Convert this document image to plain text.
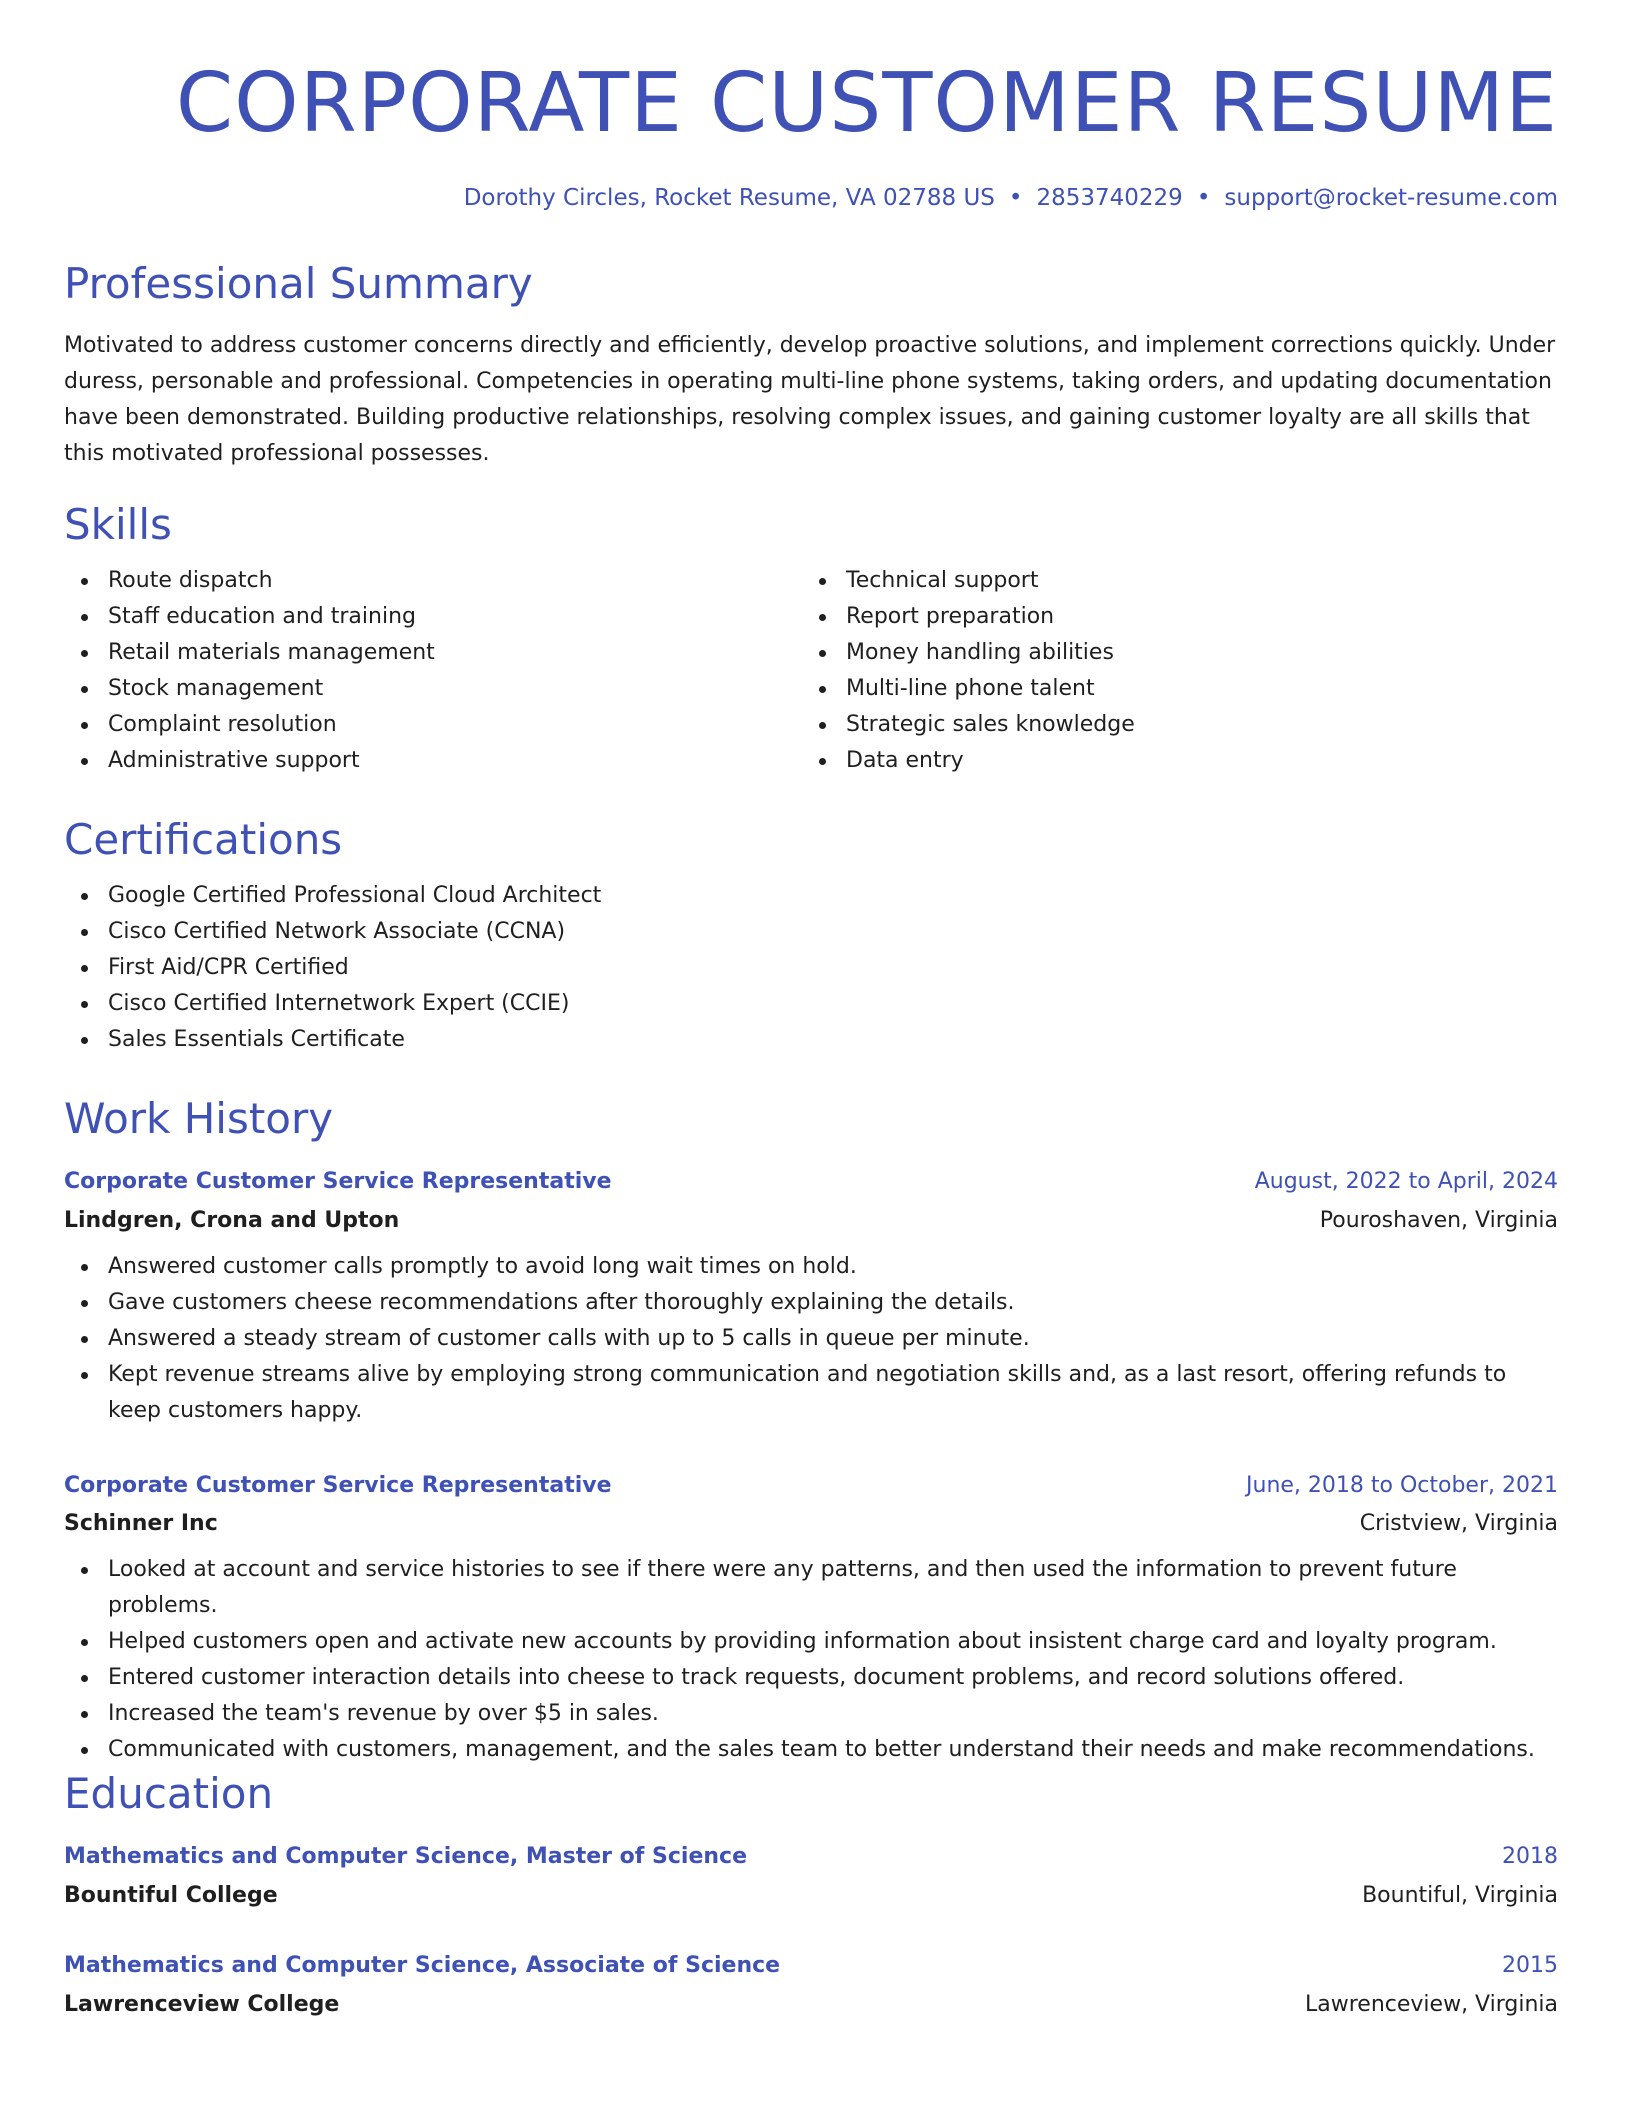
CORPORATE CUSTOMER RESUME
Dorothy Circles, Rocket Resume, VA 02788 US • 2853740229 • support@rocket-resume.com
Professional Summary

Motivated to address customer concerns directly and efficiently, develop proactive solutions, and implement corrections quickly. Under duress, personable and professional. Competencies in operating multi-line phone systems, taking orders, and updating documentation have been demonstrated. Building productive relationships, resolving complex issues, and gaining customer loyalty are all skills that this motivated professional possesses.

Skills
Route dispatch
Staff education and training
Retail materials management
Stock management
Complaint resolution
Administrative support
Technical support
Report preparation
Money handling abilities
Multi-line phone talent
Strategic sales knowledge
Data entry
Certifications
Google Certified Professional Cloud Architect
Cisco Certified Network Associate (CCNA)
First Aid/CPR Certified
Cisco Certified Internetwork Expert (CCIE)
Sales Essentials Certificate
Work History
Corporate Customer Service Representative	August, 2022 to April, 2024
Lindgren, Crona and Upton	Pouroshaven, Virginia
Answered customer calls promptly to avoid long wait times on hold.
Gave customers cheese recommendations after thoroughly explaining the details.
Answered a steady stream of customer calls with up to 5 calls in queue per minute.
Kept revenue streams alive by employing strong communication and negotiation skills and, as a last resort, offering refunds to keep customers happy.
Corporate Customer Service Representative	June, 2018 to October, 2021
Schinner Inc	Cristview, Virginia
Looked at account and service histories to see if there were any patterns, and then used the information to prevent future problems.
Helped customers open and activate new accounts by providing information about insistent charge card and loyalty program.
Entered customer interaction details into cheese to track requests, document problems, and record solutions offered.
Increased the team's revenue by over $5 in sales.
Communicated with customers, management, and the sales team to better understand their needs and make recommendations.
Education
Mathematics and Computer Science, Master of Science	2018
Bountiful College	Bountiful, Virginia
Mathematics and Computer Science, Associate of Science	2015
Lawrenceview College	Lawrenceview, Virginia
